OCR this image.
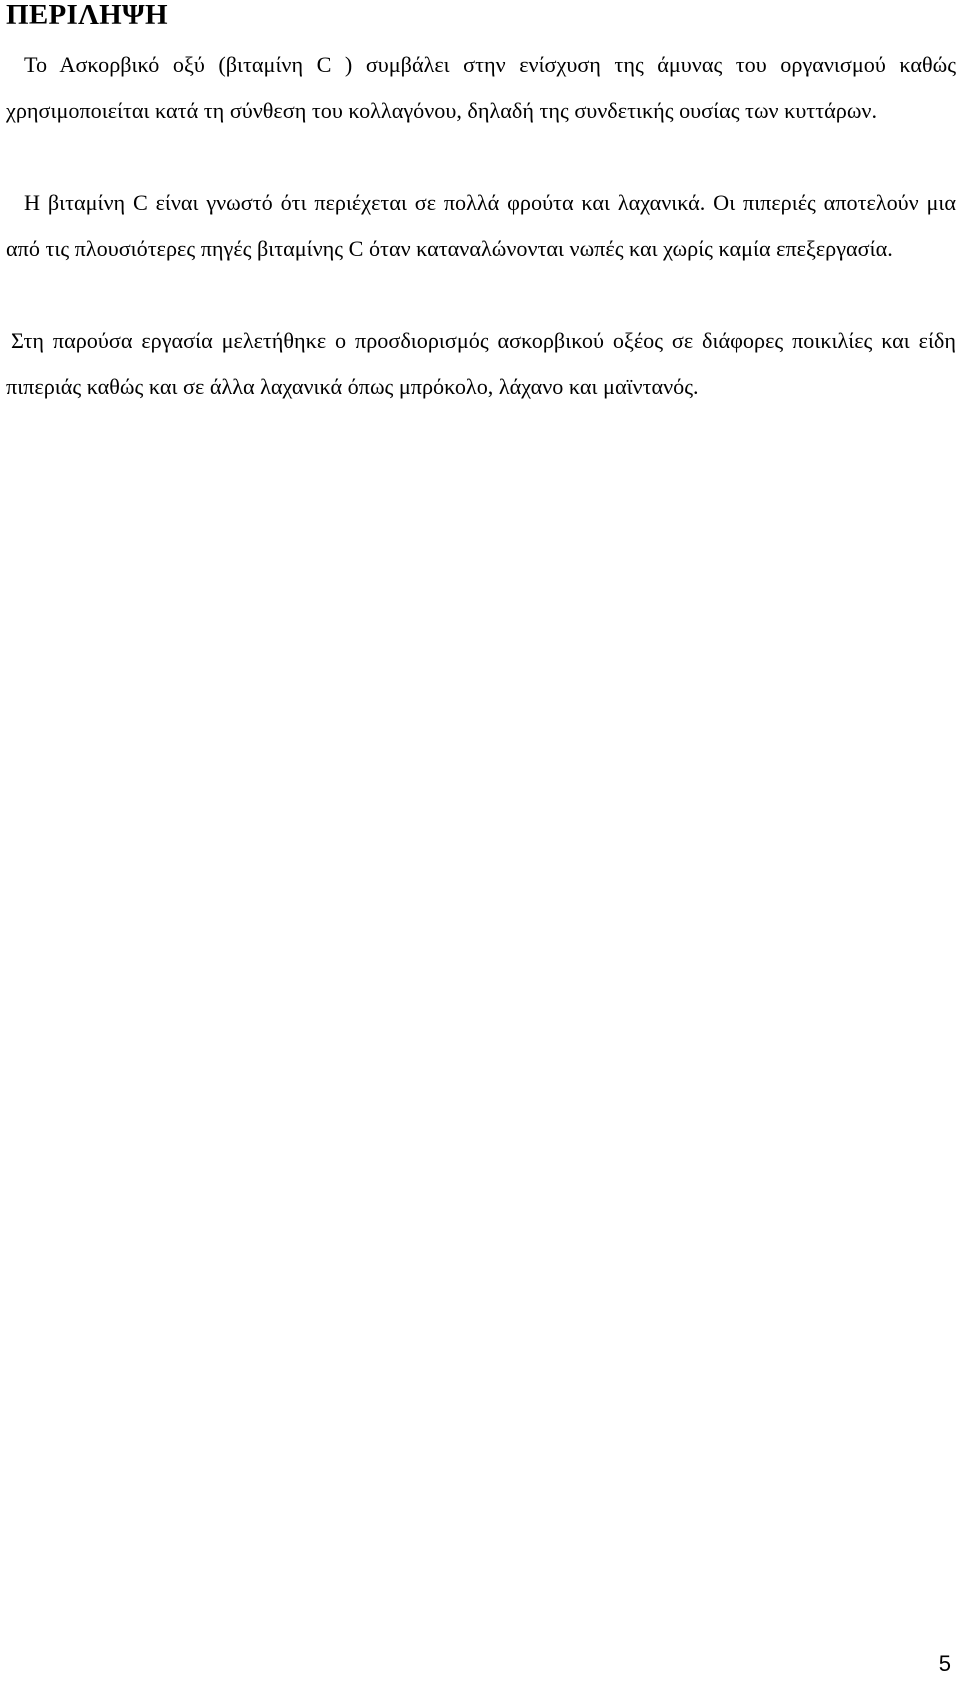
ΠΕΡΙΛΗΨΗ

Το Ασκορβικό οξύ (βιταμίνη C ) συμβάλει στην ενίσχυση της άμυνας του οργανισμού καθώς χρησιμοποιείται κατά τη σύνθεση του κολλαγόνου, δηλαδή της συνδετικής ουσίας των κυττάρων.

Η βιταμίνη C είναι γνωστό ότι περιέχεται σε πολλά φρούτα και λαχανικά. Οι πιπεριές αποτελούν μια από τις πλουσιότερες πηγές βιταμίνης C όταν καταναλώνονται νωπές και χωρίς καμία επεξεργασία.

Στη παρούσα εργασία μελετήθηκε ο προσδιορισμός ασκορβικού οξέος σε διάφορες ποικιλίες και είδη πιπεριάς καθώς και σε άλλα λαχανικά όπως μπρόκολο, λάχανο και μαϊντανός.

5
